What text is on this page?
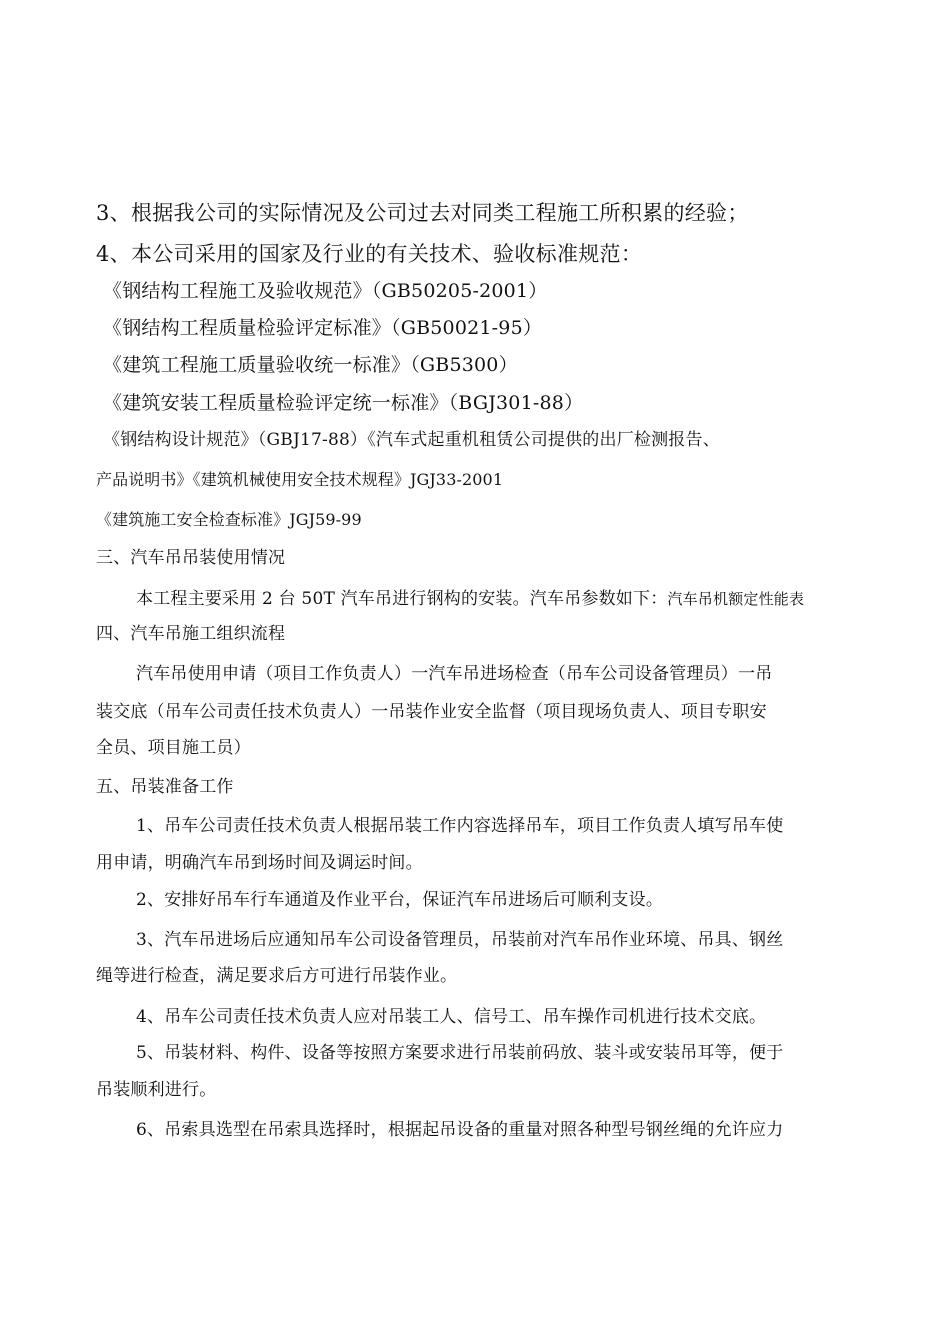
3、根据我公司的实际情况及公司过去对同类工程施工所积累的经验；

4、本公司采用的国家及行业的有关技术、验收标准规范：

《钢结构工程施工及验收规范》（GB50205-2001）

《钢结构工程质量检验评定标准》（GB50021-95）

《建筑工程施工质量验收统一标准》（GB5300）

《建筑安装工程质量检验评定统一标准》（BGJ301-88）

《钢结构设计规范》（GBJ17-88）《汽车式起重机租赁公司提供的出厂检测报告、

产品说明书》《建筑机械使用安全技术规程》JGJ33-2001

《建筑施工安全检查标准》JGJ59-99

三、汽车吊吊装使用情况

本工程主要采用 2 台 50T 汽车吊进行钢构的安装。汽车吊参数如下：汽车吊机额定性能表

四、汽车吊施工组织流程

汽车吊使用申请（项目工作负责人）一汽车吊进场检查（吊车公司设备管理员）一吊

装交底（吊车公司责任技术负责人）一吊装作业安全监督（项目现场负责人、项目专职安

全员、项目施工员）

五、吊装准备工作

1、吊车公司责任技术负责人根据吊装工作内容选择吊车，项目工作负责人填写吊车使

用申请，明确汽车吊到场时间及调运时间。

2、安排好吊车行车通道及作业平台，保证汽车吊进场后可顺利支设。

3、汽车吊进场后应通知吊车公司设备管理员，吊装前对汽车吊作业环境、吊具、钢丝

绳等进行检查，满足要求后方可进行吊装作业。

4、吊车公司责任技术负责人应对吊装工人、信号工、吊车操作司机进行技术交底。

5、吊装材料、构件、设备等按照方案要求进行吊装前码放、装斗或安装吊耳等，便于

吊装顺利进行。

6、吊索具选型在吊索具选择时，根据起吊设备的重量对照各种型号钢丝绳的允许应力
